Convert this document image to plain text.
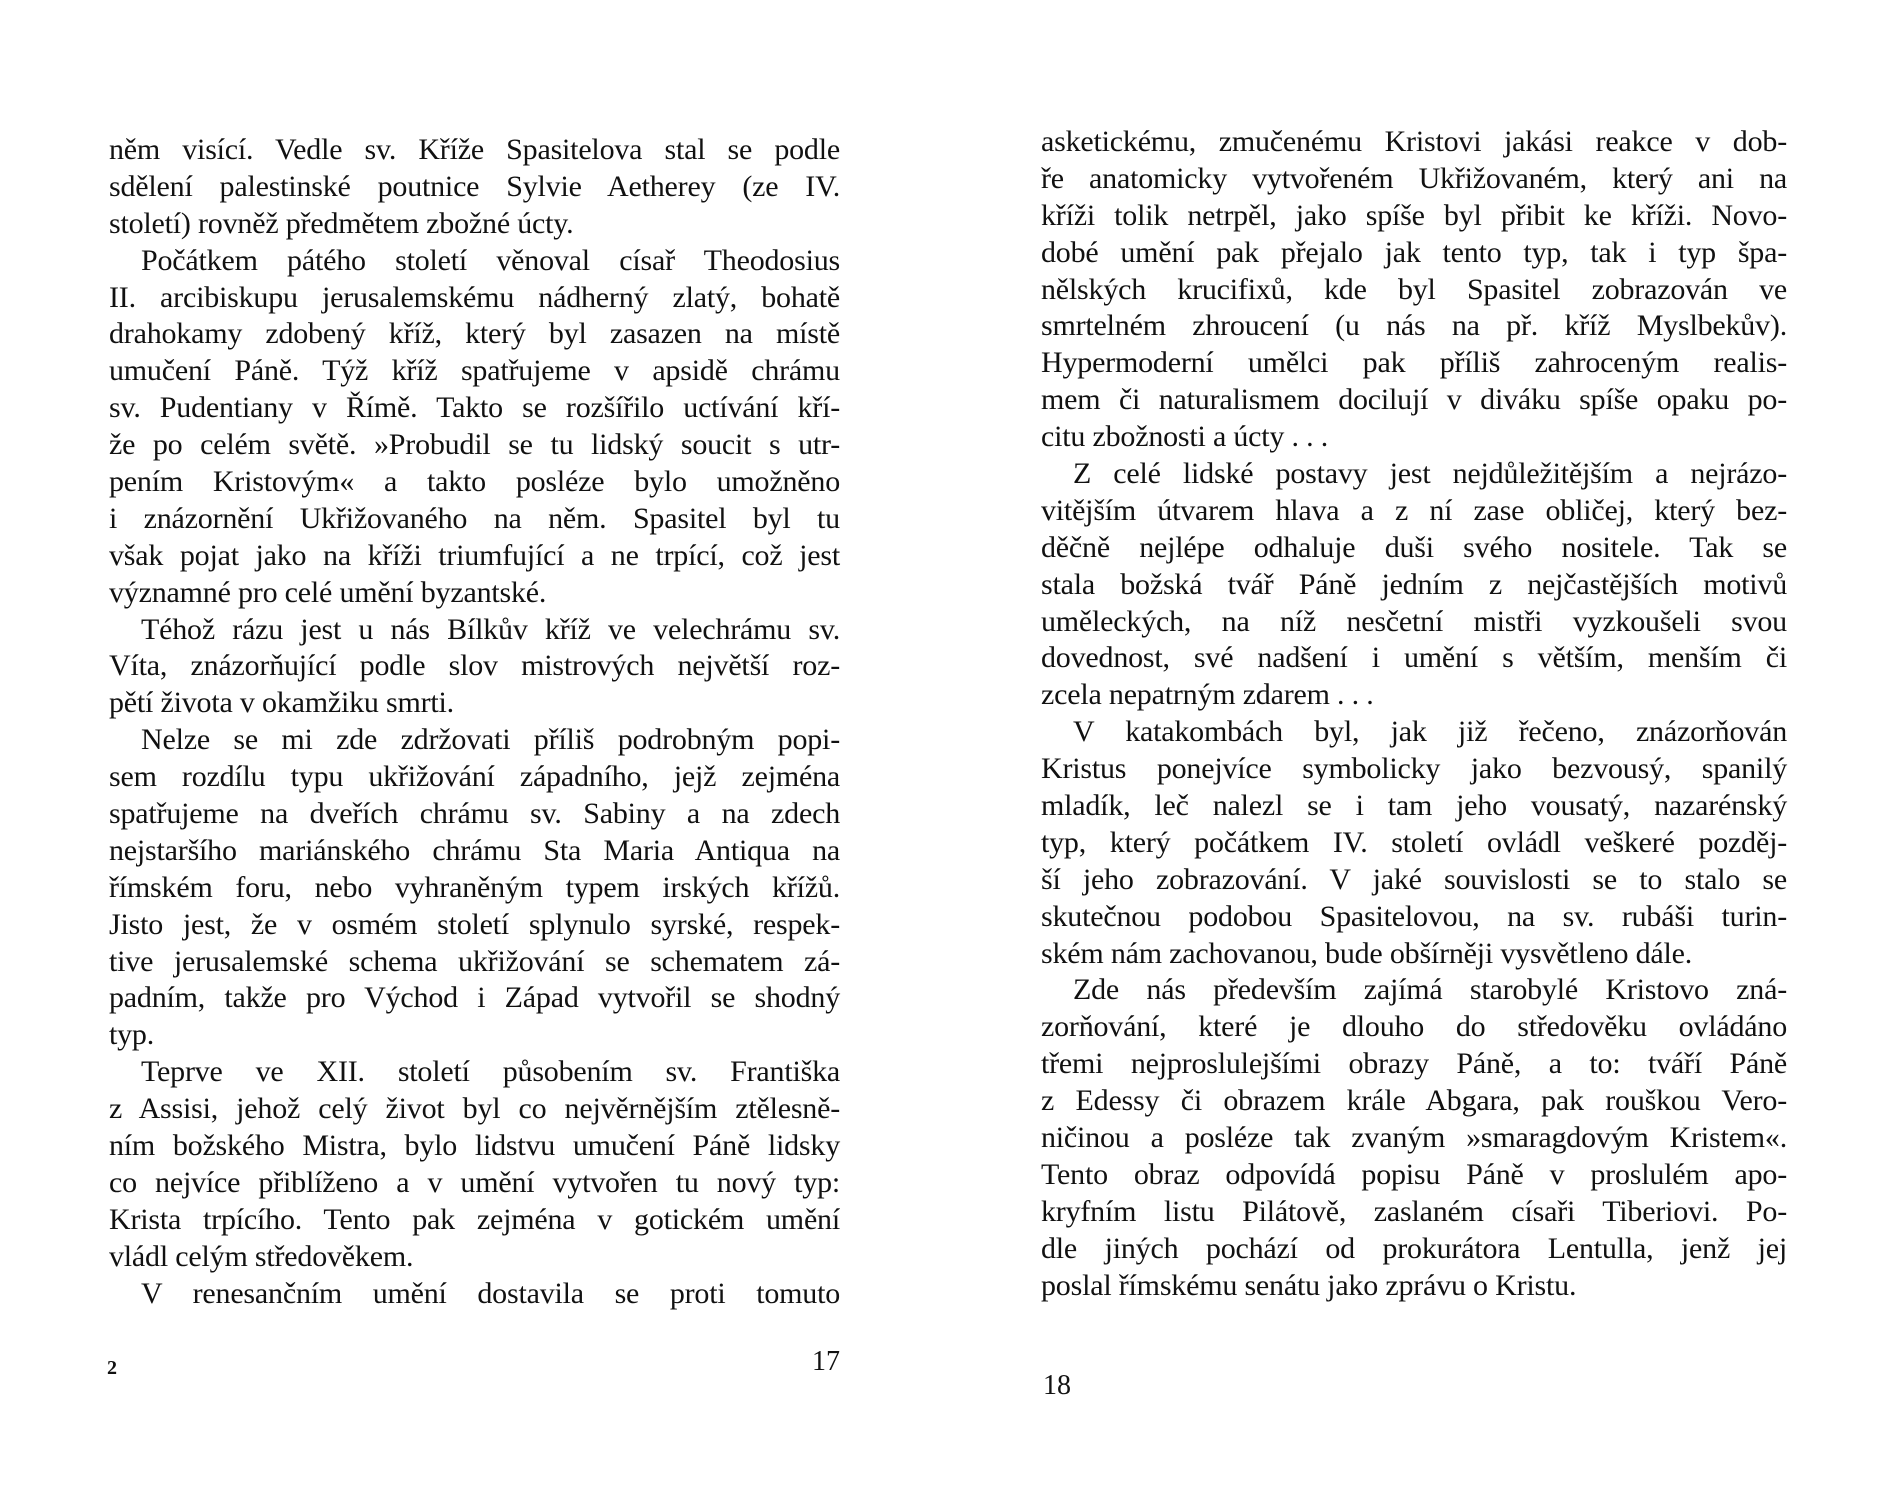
něm visící. Vedle sv. Kříže Spasitelova stal se podle
sdělení palestinské poutnice Sylvie Aetherey (ze IV.
století) rovněž předmětem zbožné úcty.
Počátkem pátého století věnoval císař Theodosius
II. arcibiskupu jerusalemskému nádherný zlatý, bohatě
drahokamy zdobený kříž, který byl zasazen na místě
umučení Páně. Týž kříž spatřujeme v apsidě chrámu
sv. Pudentiany v Římě. Takto se rozšířilo uctívání kří-
že po celém světě. »Probudil se tu lidský soucit s utr-
pením Kristovým« a takto posléze bylo umožněno
i znázornění Ukřižovaného na něm. Spasitel byl tu
však pojat jako na kříži triumfující a ne trpící, což jest
významné pro celé umění byzantské.
Téhož rázu jest u nás Bílkův kříž ve velechrámu sv.
Víta, znázorňující podle slov mistrových největší roz-
pětí života v okamžiku smrti.
Nelze se mi zde zdržovati příliš podrobným popi-
sem rozdílu typu ukřižování západního, jejž zejména
spatřujeme na dveřích chrámu sv. Sabiny a na zdech
nejstaršího mariánského chrámu Sta Maria Antiqua na
římském foru, nebo vyhraněným typem irských křížů.
Jisto jest, že v osmém století splynulo syrské, respek-
tive jerusalemské schema ukřižování se schematem zá-
padním, takže pro Východ i Západ vytvořil se shodný
typ.
Teprve ve XII. století působením sv. Františka
z Assisi, jehož celý život byl co nejvěrnějším ztělesně-
ním božského Mistra, bylo lidstvu umučení Páně lidsky
co nejvíce přiblíženo a v umění vytvořen tu nový typ:
Krista trpícího. Tento pak zejména v gotickém umění
vládl celým středověkem.
V renesančním umění dostavila se proti tomuto
2	17
asketickému, zmučenému Kristovi jakási reakce v dob-
ře anatomicky vytvořeném Ukřižovaném, který ani na
kříži tolik netrpěl, jako spíše byl přibit ke kříži. Novo-
dobé umění pak přejalo jak tento typ, tak i typ špa-
nělských krucifixů, kde byl Spasitel zobrazován ve
smrtelném zhroucení (u nás na př. kříž Myslbekův).
Hypermoderní umělci pak příliš zahroceným realis-
mem či naturalismem docilují v diváku spíše opaku po-
citu zbožnosti a úcty . . .
Z celé lidské postavy jest nejdůležitějším a nejrázo-
vitějším útvarem hlava a z ní zase obličej, který bez-
děčně nejlépe odhaluje duši svého nositele. Tak se
stala božská tvář Páně jedním z nejčastějších motivů
uměleckých, na níž nesčetní mistři vyzkoušeli svou
dovednost, své nadšení i umění s větším, menším či
zcela nepatrným zdarem . . .
V katakombách byl, jak již řečeno, znázorňován
Kristus ponejvíce symbolicky jako bezvousý, spanilý
mladík, leč nalezl se i tam jeho vousatý, nazarénský
typ, který počátkem IV. století ovládl veškeré pozděj-
ší jeho zobrazování. V jaké souvislosti se to stalo se
skutečnou podobou Spasitelovou, na sv. rubáši turin-
ském nám zachovanou, bude obšírněji vysvětleno dále.
Zde nás především zajímá starobylé Kristovo zná-
zorňování, které je dlouho do středověku ovládáno
třemi nejproslulejšími obrazy Páně, a to: tváří Páně
z Edessy či obrazem krále Abgara, pak rouškou Vero-
ničinou a posléze tak zvaným »smaragdovým Kristem«.
Tento obraz odpovídá popisu Páně v proslulém apo-
kryfním listu Pilátově, zaslaném císaři Tiberiovi. Po-
dle jiných pochází od prokurátora Lentulla, jenž jej
poslal římskému senátu jako zprávu o Kristu.
18
